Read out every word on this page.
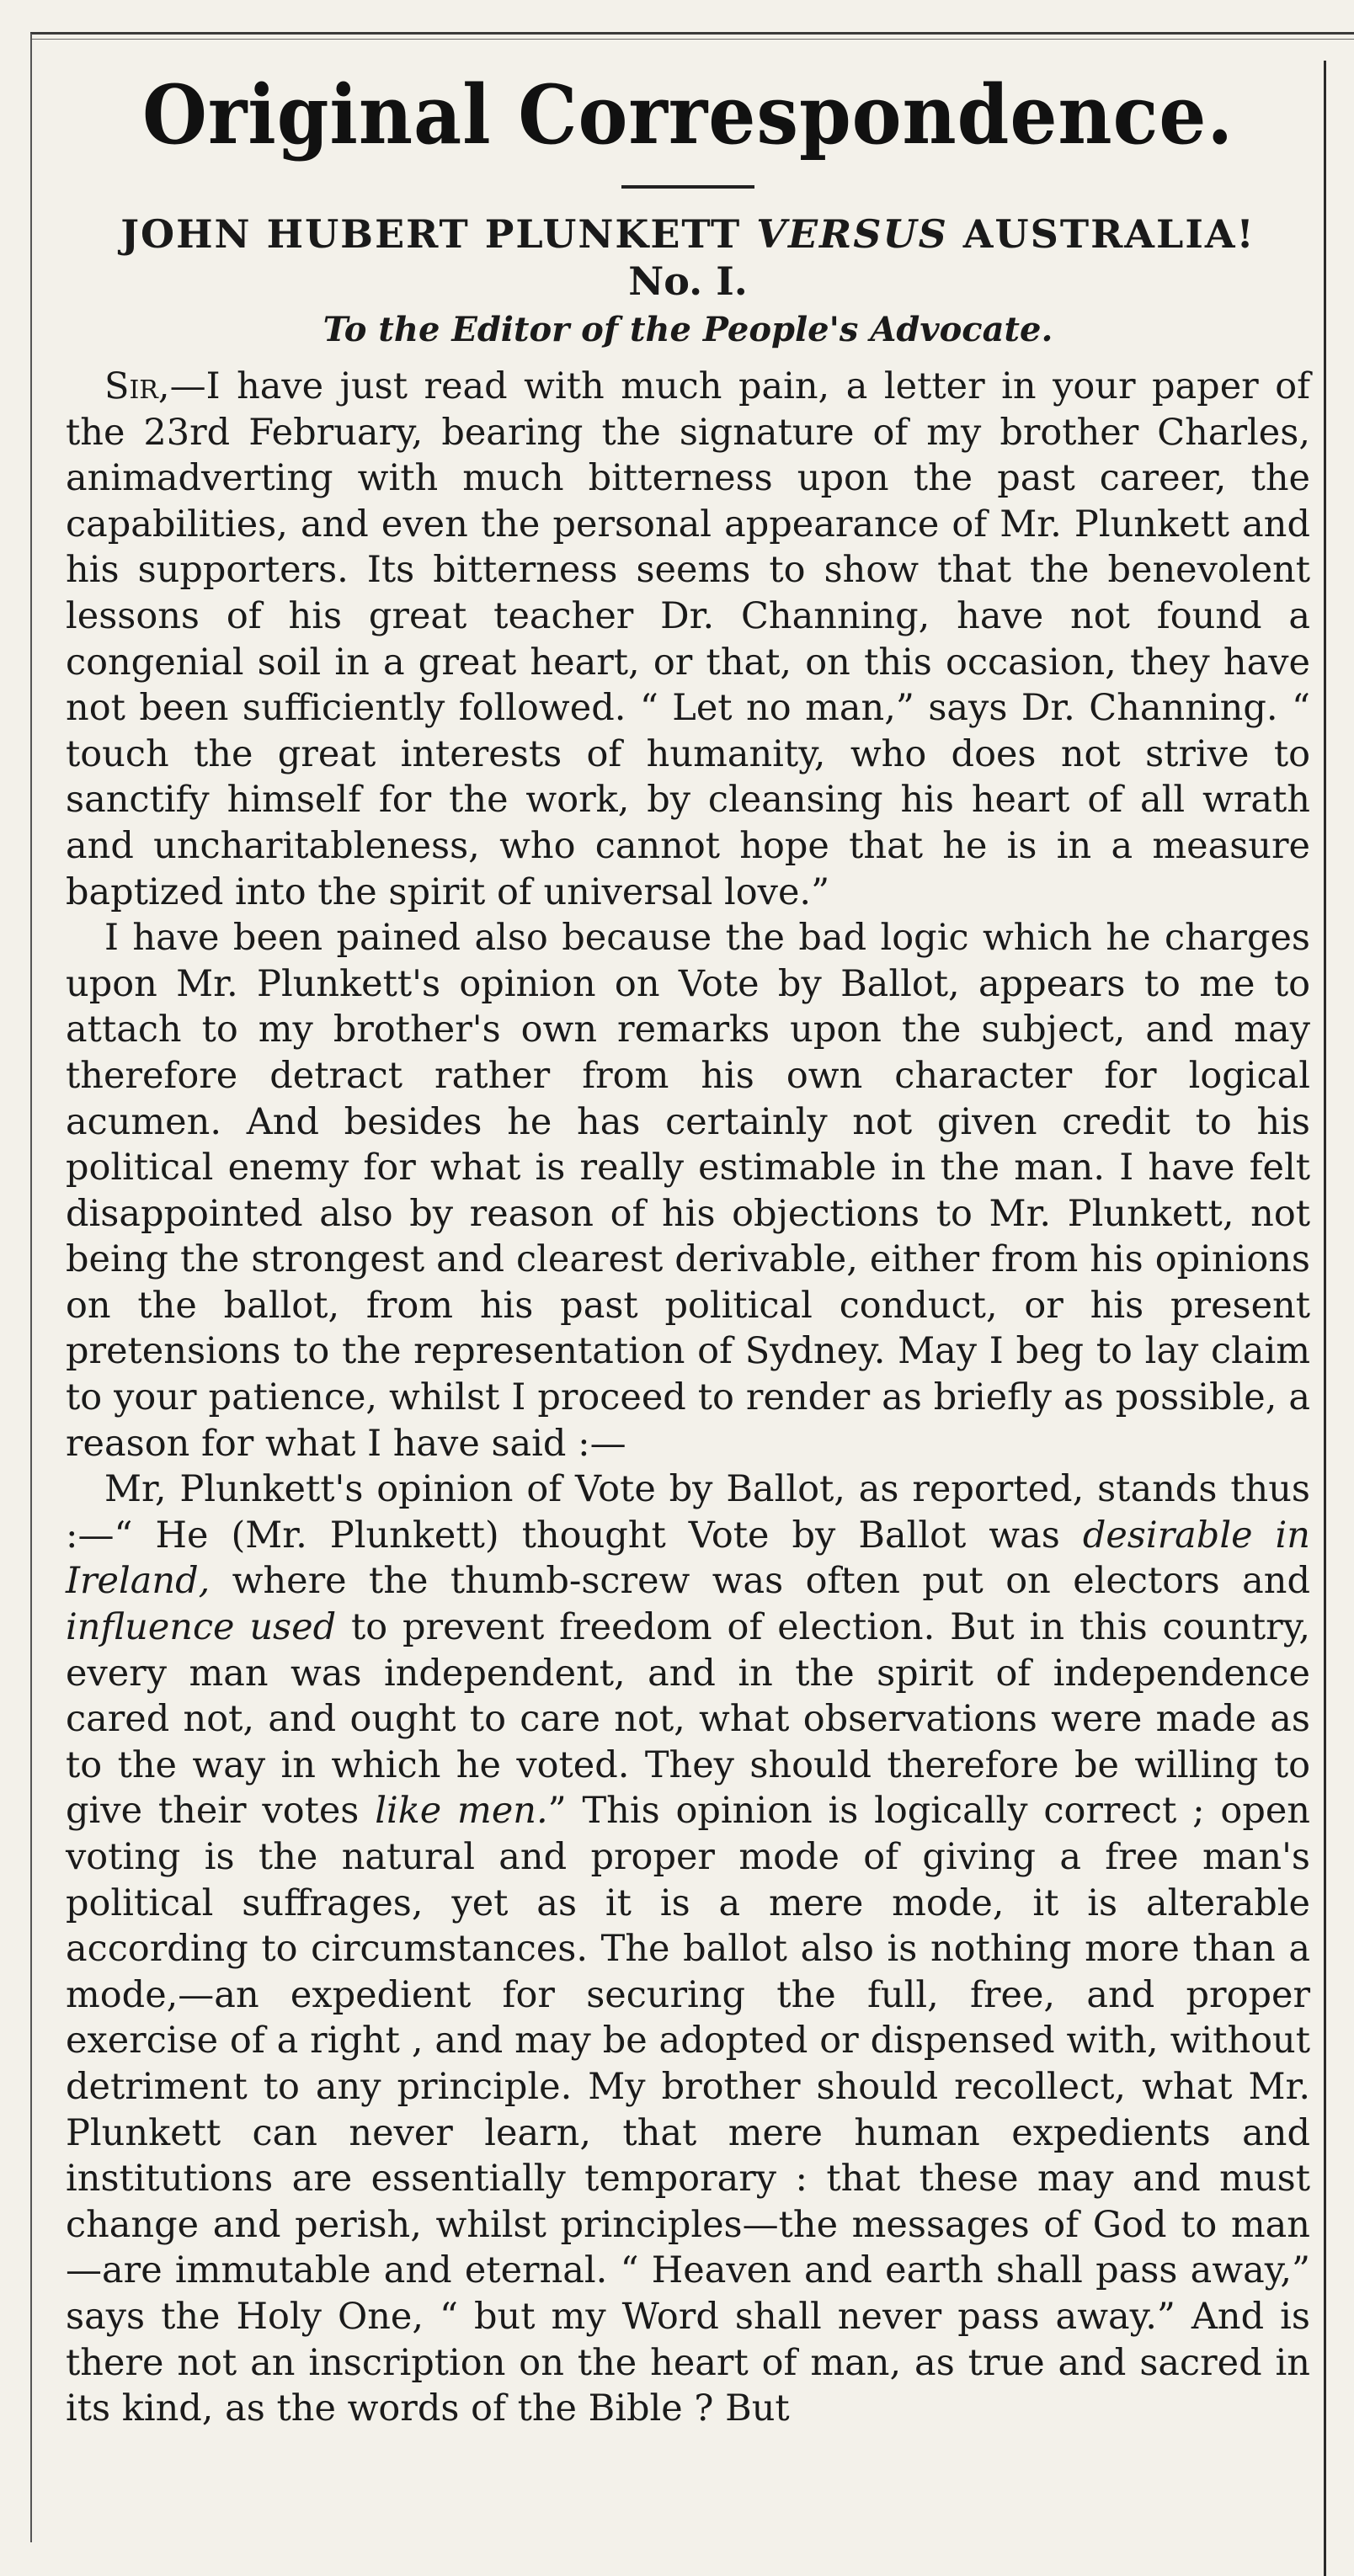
Original Correspondence.

JOHN HUBERT PLUNKETT VERSUS AUSTRALIA!

No. I.

To the Editor of the People's Advocate.

Sir,—I have just read with much pain, a letter in your paper of the 23rd February, bearing the signature of my brother Charles, animadverting with much bitterness upon the past career, the capabilities, and even the personal appearance of Mr. Plunkett and his supporters. Its bitterness seems to show that the benevolent lessons of his great teacher Dr. Channing, have not found a congenial soil in a great heart, or that, on this occasion, they have not been sufficiently followed. “ Let no man,” says Dr. Channing. “ touch the great interests of humanity, who does not strive to sanctify himself for the work, by cleansing his heart of all wrath and uncharitableness, who cannot hope that he is in a measure baptized into the spirit of universal love.”

I have been pained also because the bad logic which he charges upon Mr. Plunkett's opinion on Vote by Ballot, appears to me to attach to my brother's own remarks upon the subject, and may therefore detract rather from his own character for logical acumen. And besides he has certainly not given credit to his political enemy for what is really estimable in the man. I have felt disappointed also by reason of his objections to Mr. Plunkett, not being the strongest and clearest derivable, either from his opinions on the ballot, from his past political conduct, or his present pretensions to the representation of Sydney. May I beg to lay claim to your patience, whilst I proceed to render as briefly as possible, a reason for what I have said :—

Mr, Plunkett's opinion of Vote by Ballot, as reported, stands thus :—“ He (Mr. Plunkett) thought Vote by Ballot was desirable in Ireland, where the thumb-screw was often put on electors and influence used to prevent freedom of election. But in this country, every man was independent, and in the spirit of independence cared not, and ought to care not, what observations were made as to the way in which he voted. They should therefore be willing to give their votes like men.” This opinion is logically correct ; open voting is the natural and proper mode of giving a free man's political suffrages, yet as it is a mere mode, it is alterable according to circumstances. The ballot also is nothing more than a mode,—an expedient for securing the full, free, and proper exercise of a right , and may be adopted or dispensed with, without detriment to any principle. My brother should recollect, what Mr. Plunkett can never learn, that mere human expedients and institutions are essentially temporary : that these may and must change and perish, whilst principles—the messages of God to man—are immutable and eternal. “ Heaven and earth shall pass away,” says the Holy One, “ but my Word shall never pass away.” And is there not an inscription on the heart of man, as true and sacred in its kind, as the words of the Bible ? But
